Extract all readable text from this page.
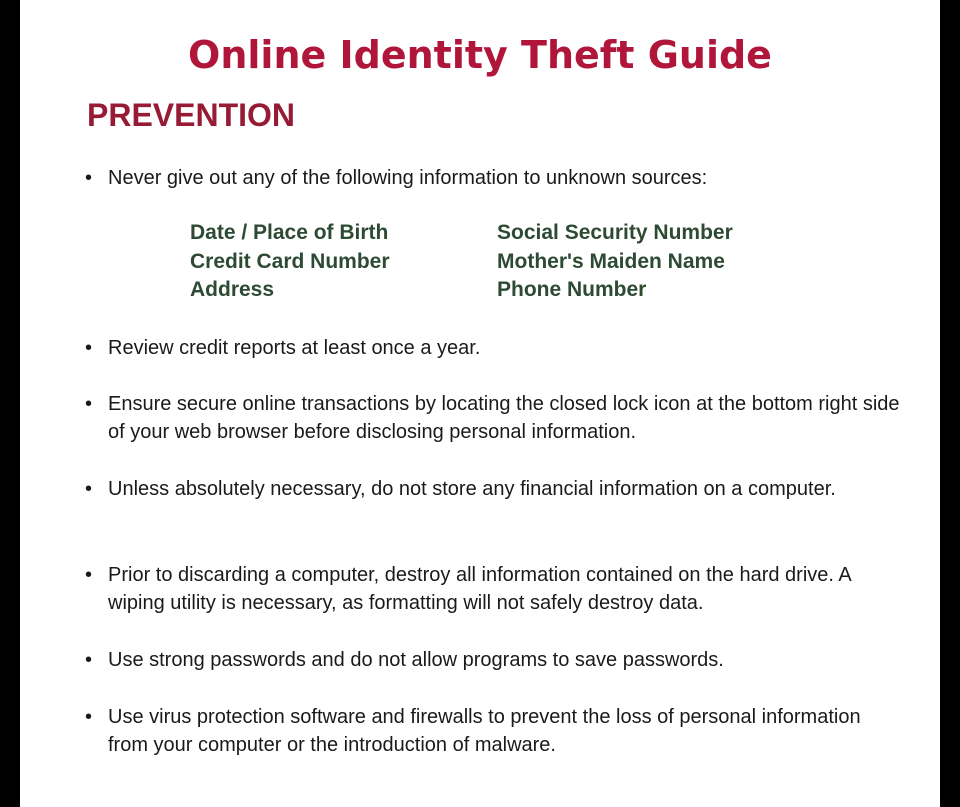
Online Identity Theft Guide
PREVENTION
• Never give out any of the following information to unknown sources:
Date / Place of Birth
Credit Card Number
Address
Social Security Number
Mother's Maiden Name
Phone Number
• Review credit reports at least once a year.
• Ensure secure online transactions by locating the closed lock icon at the bottom right side of your web browser before disclosing personal information.
• Unless absolutely necessary, do not store any financial information on a computer.
• Prior to discarding a computer, destroy all information contained on the hard drive. A wiping utility is necessary, as formatting will not safely destroy data.
• Use strong passwords and do not allow programs to save passwords.
• Use virus protection software and firewalls to prevent the loss of personal information from your computer or the introduction of malware.
